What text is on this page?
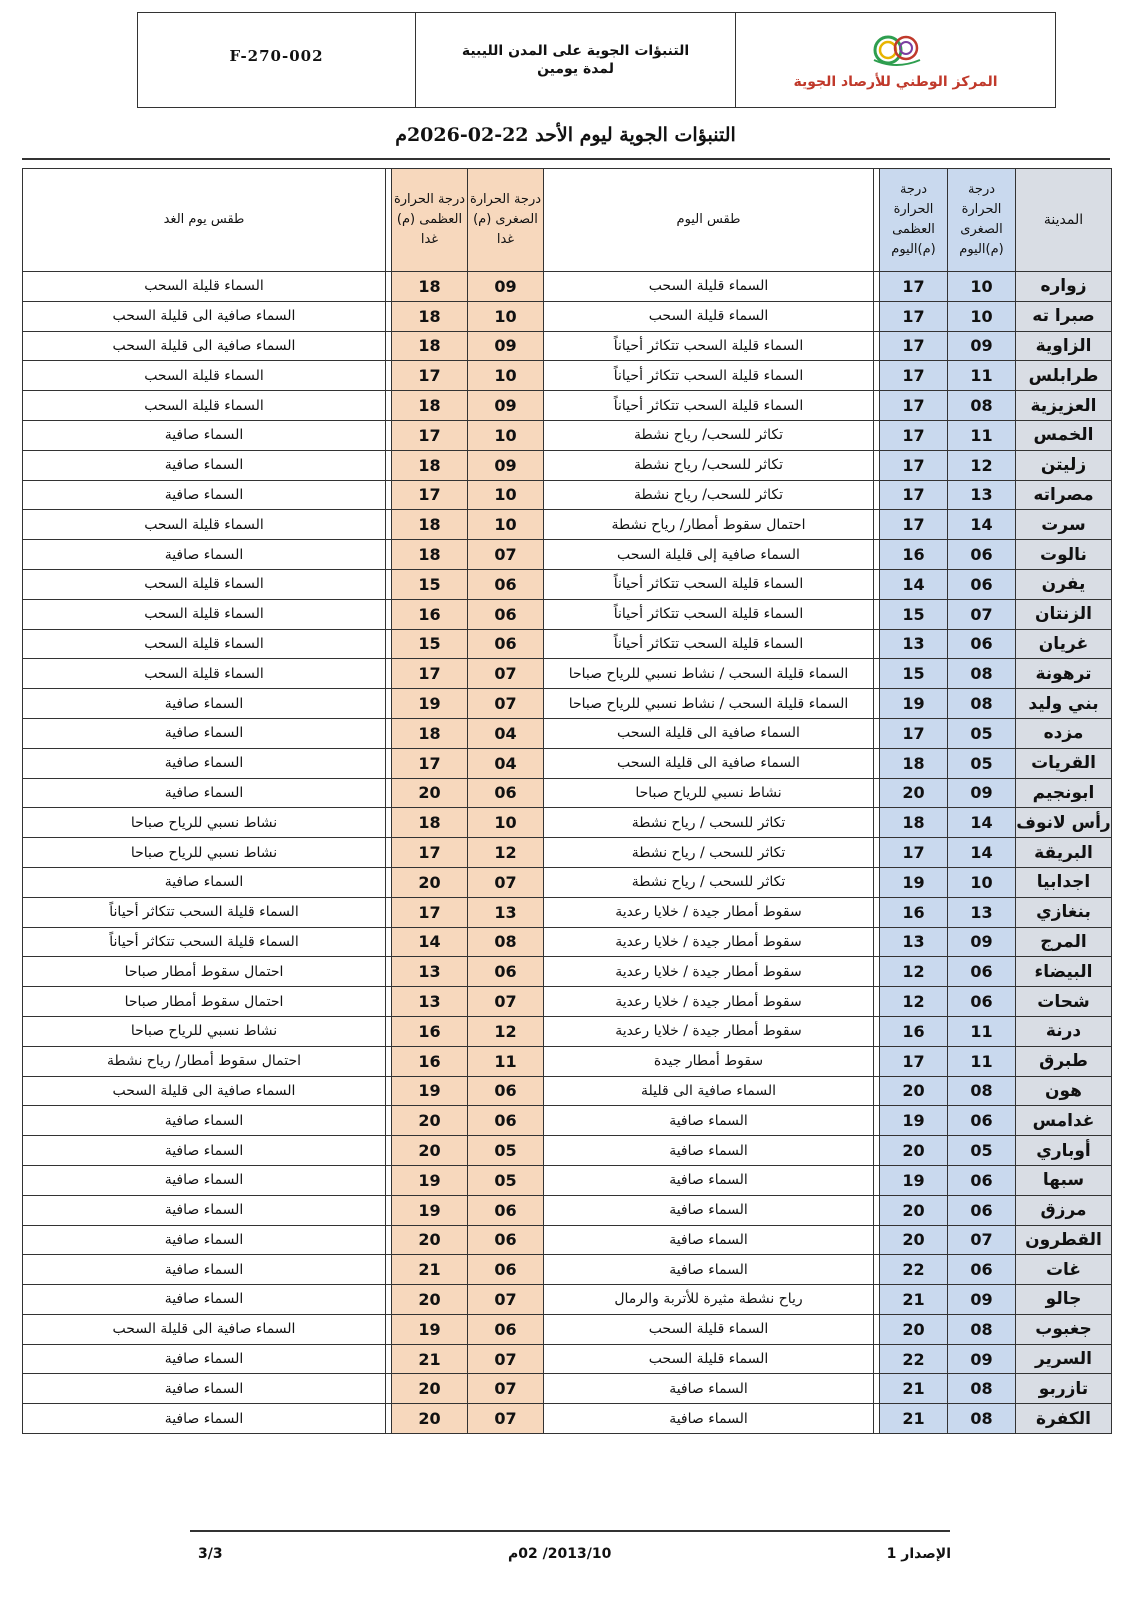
F-270-002	التنبؤات الجوية على المدن الليبية
لمدة يومين
المركز الوطني للأرصاد الجوية
التنبؤات الجوية ليوم الأحد 22-02-2026م
المدينة	درجة الحرارة الصغرى (م)اليوم	درجة الحرارة العظمى (م)اليوم		طقس اليوم	درجة الحرارة الصغرى (م) غدا	درجة الحرارة العظمى (م) غدا		طقس يوم الغد
زواره	10	17		السماء قليلة السحب	09	18		السماء قليلة السحب
صبرا ته	10	17		السماء قليلة السحب	10	18		السماء صافية الى قليلة السحب
الزاوية	09	17		السماء قليلة السحب تتكاثر أحياناً	09	18		السماء صافية الى قليلة السحب
طرابلس	11	17		السماء قليلة السحب تتكاثر أحياناً	10	17		السماء قليلة السحب
العزيزية	08	17		السماء قليلة السحب تتكاثر أحياناً	09	18		السماء قليلة السحب
الخمس	11	17		تكاثر للسحب/ رياح نشطة	10	17		السماء صافية
زليتن	12	17		تكاثر للسحب/ رياح نشطة	09	18		السماء صافية
مصراته	13	17		تكاثر للسحب/ رياح نشطة	10	17		السماء صافية
سرت	14	17		احتمال سقوط أمطار/ رياح نشطة	10	18		السماء قليلة السحب
نالوت	06	16		السماء صافية إلى قليلة السحب	07	18		السماء صافية
يفرن	06	14		السماء قليلة السحب تتكاثر أحياناً	06	15		السماء قليلة السحب
الزنتان	07	15		السماء قليلة السحب تتكاثر أحياناً	06	16		السماء قليلة السحب
غريان	06	13		السماء قليلة السحب تتكاثر أحياناً	06	15		السماء قليلة السحب
ترهونة	08	15		السماء قليلة السحب / نشاط نسبي للرياح صباحا	07	17		السماء قليلة السحب
بني وليد	08	19		السماء قليلة السحب / نشاط نسبي للرياح صباحا	07	19		السماء صافية
مزده	05	17		السماء صافية الى قليلة السحب	04	18		السماء صافية
القريات	05	18		السماء صافية الى قليلة السحب	04	17		السماء صافية
ابونجيم	09	20		نشاط نسبي للرياح صباحا	06	20		السماء صافية
رأس لانوف	14	18		تكاثر للسحب / رياح نشطة	10	18		نشاط نسبي للرياح صباحا
البريقة	14	17		تكاثر للسحب / رياح نشطة	12	17		نشاط نسبي للرياح صباحا
اجدابيا	10	19		تكاثر للسحب / رياح نشطة	07	20		السماء صافية
بنغازي	13	16		سقوط أمطار جيدة / خلايا رعدية	13	17		السماء قليلة السحب تتكاثر أحياناً
المرج	09	13		سقوط أمطار جيدة / خلايا رعدية	08	14		السماء قليلة السحب تتكاثر أحياناً
البيضاء	06	12		سقوط أمطار جيدة / خلايا رعدية	06	13		احتمال سقوط أمطار صباحا
شحات	06	12		سقوط أمطار جيدة / خلايا رعدية	07	13		احتمال سقوط أمطار صباحا
درنة	11	16		سقوط أمطار جيدة / خلايا رعدية	12	16		نشاط نسبي للرياح صباحا
طبرق	11	17		سقوط أمطار جيدة	11	16		احتمال سقوط أمطار/ رياح نشطة
هون	08	20		السماء صافية الى قليلة	06	19		السماء صافية الى قليلة السحب
غدامس	06	19		السماء صافية	06	20		السماء صافية
أوباري	05	20		السماء صافية	05	20		السماء صافية
سبها	06	19		السماء صافية	05	19		السماء صافية
مرزق	06	20		السماء صافية	06	19		السماء صافية
القطرون	07	20		السماء صافية	06	20		السماء صافية
غات	06	22		السماء صافية	06	21		السماء صافية
جالو	09	21		رياح نشطة مثيرة للأتربة والرمال	07	20		السماء صافية
جغبوب	08	20		السماء قليلة السحب	06	19		السماء صافية الى قليلة السحب
السرير	09	22		السماء قليلة السحب	07	21		السماء صافية
تازربو	08	21		السماء صافية	07	20		السماء صافية
الكفرة	08	21		السماء صافية	07	20		السماء صافية
الإصدار 1
2013/10/ 02م
3/3
